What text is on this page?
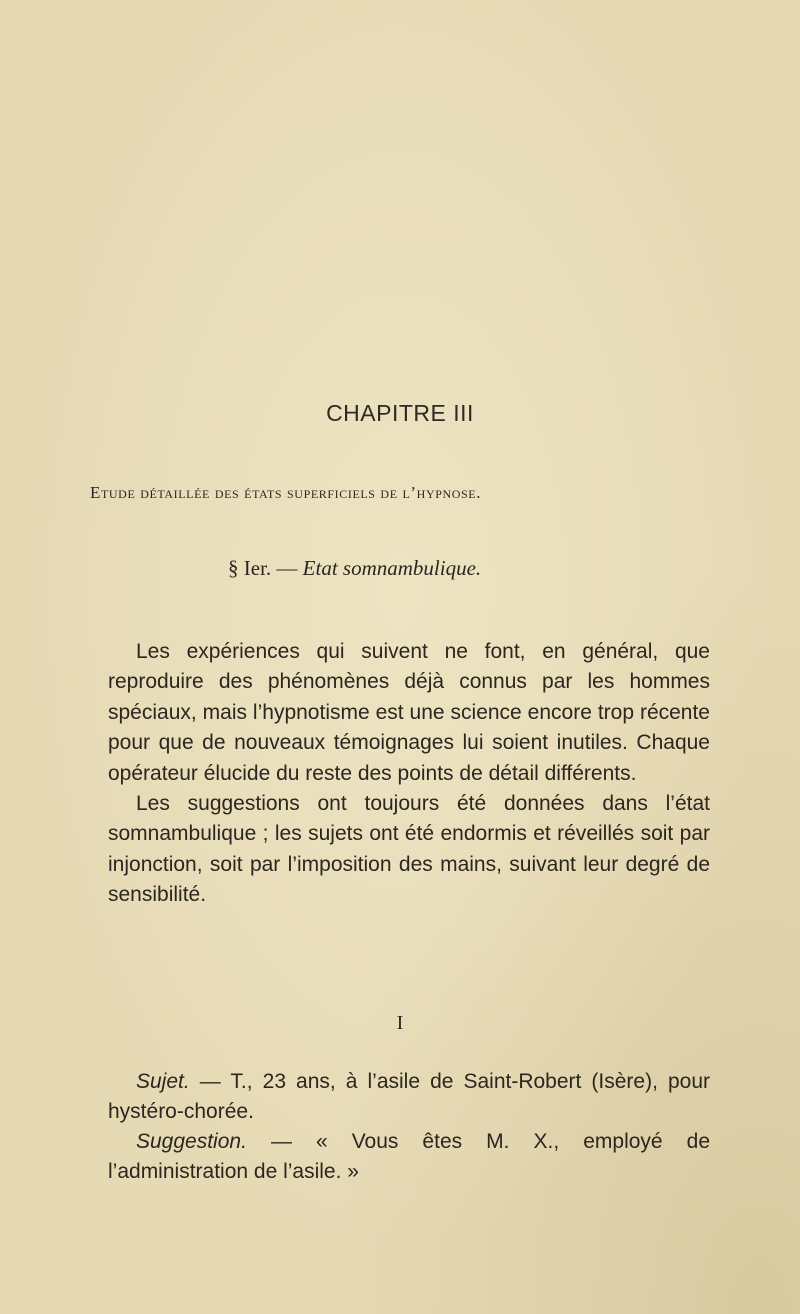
CHAPITRE III
Etude détaillée des états superficiels de l’hypnose.
§ Ier. — Etat somnambulique.

Les expériences qui suivent ne font, en général, que reproduire des phénomènes déjà connus par les hommes spéciaux, mais l’hypnotisme est une science encore trop récente pour que de nouveaux témoignages lui soient inutiles. Chaque opérateur élucide du reste des points de détail différents.

Les suggestions ont toujours été données dans l’état somnambulique ; les sujets ont été endormis et réveillés soit par injonction, soit par l’imposition des mains, suivant leur degré de sensibilité.

I

Sujet. — T., 23 ans, à l’asile de Saint-Robert (Isère), pour hystéro-chorée.

Suggestion. — « Vous êtes M. X., employé de l’administration de l’asile. »
